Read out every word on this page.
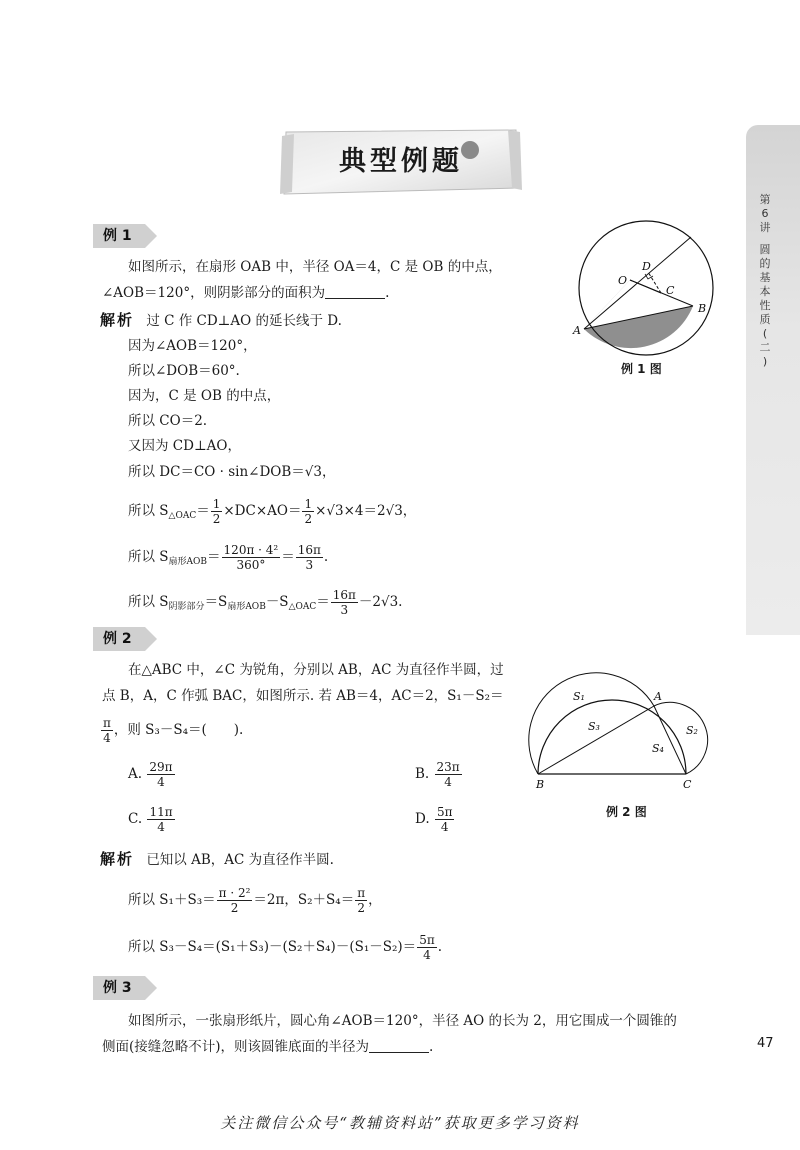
第
6
讲
圆
的
基
本
性
质
(
二
)
47
典型例题
例 1
如图所示，在扇形 OAB 中，半径 OA＝4，C 是 OB 的中点，
∠AOB＝120°，则阴影部分的面积为	.
解析 过 C 作 CD⊥AO 的延长线于 D.
因为∠AOB＝120°，
所以∠DOB＝60°.
因为，C 是 OB 的中点，
所以 CO＝2.
又因为 CD⊥AO，
所以 DC＝CO · sin∠DOB＝√3，
所以 $S_{\triangle OAC}= \frac{1}{2} \times DC\times AO= \frac{1}{2} \times√3\times 4=2√3$，
所以 $S_{扇形AOB}= \frac{\text{120π · 4²}}{360^\circ} = \frac{16\pi}{3}$ .
所以 $S_{阴影部分}=S_{扇形AOB}-S_{\triangle OAC}= \frac{16\pi}{3} -2√3$.
O
D
C
A
B
例 1 图
例 2
在△ABC 中，∠C 为锐角，分别以 AB，AC 为直径作半圆，过
点 B，A，C 作弧 BAC，如图所示. 若 AB＝4，AC＝2，S₁－S₂＝
$\frac{\pi}{4}$ ，则 S₃－S₄＝(　　).
A. $\frac{29\pi}{4}$	B. $\frac{23\pi}{4}$
C. $\frac{11\pi}{4}$	D. $\frac{5\pi}{4}$
解析 已知以 AB，AC 为直径作半圆.
所以 $S_1+S_3= \frac{\text{π · 2²}}{2} =2\pi$，$S_2+S_4= \frac{\pi}{2}$ ，
所以 $S_3-S_4=(S_1+S_3)-(S_2+S_4)-(S_1-S_2)= \frac{5\pi}{4}$ .
S₁
S₂
S₃
S₄
A
B	C
例 2 图
例 3
如图所示，一张扇形纸片，圆心角∠AOB＝120°，半径 AO 的长为 2，用它围成一个圆锥的
侧面(接缝忽略不计)，则该圆锥底面的半径为	.
关注微信公众号“教辅资料站”获取更多学习资料
